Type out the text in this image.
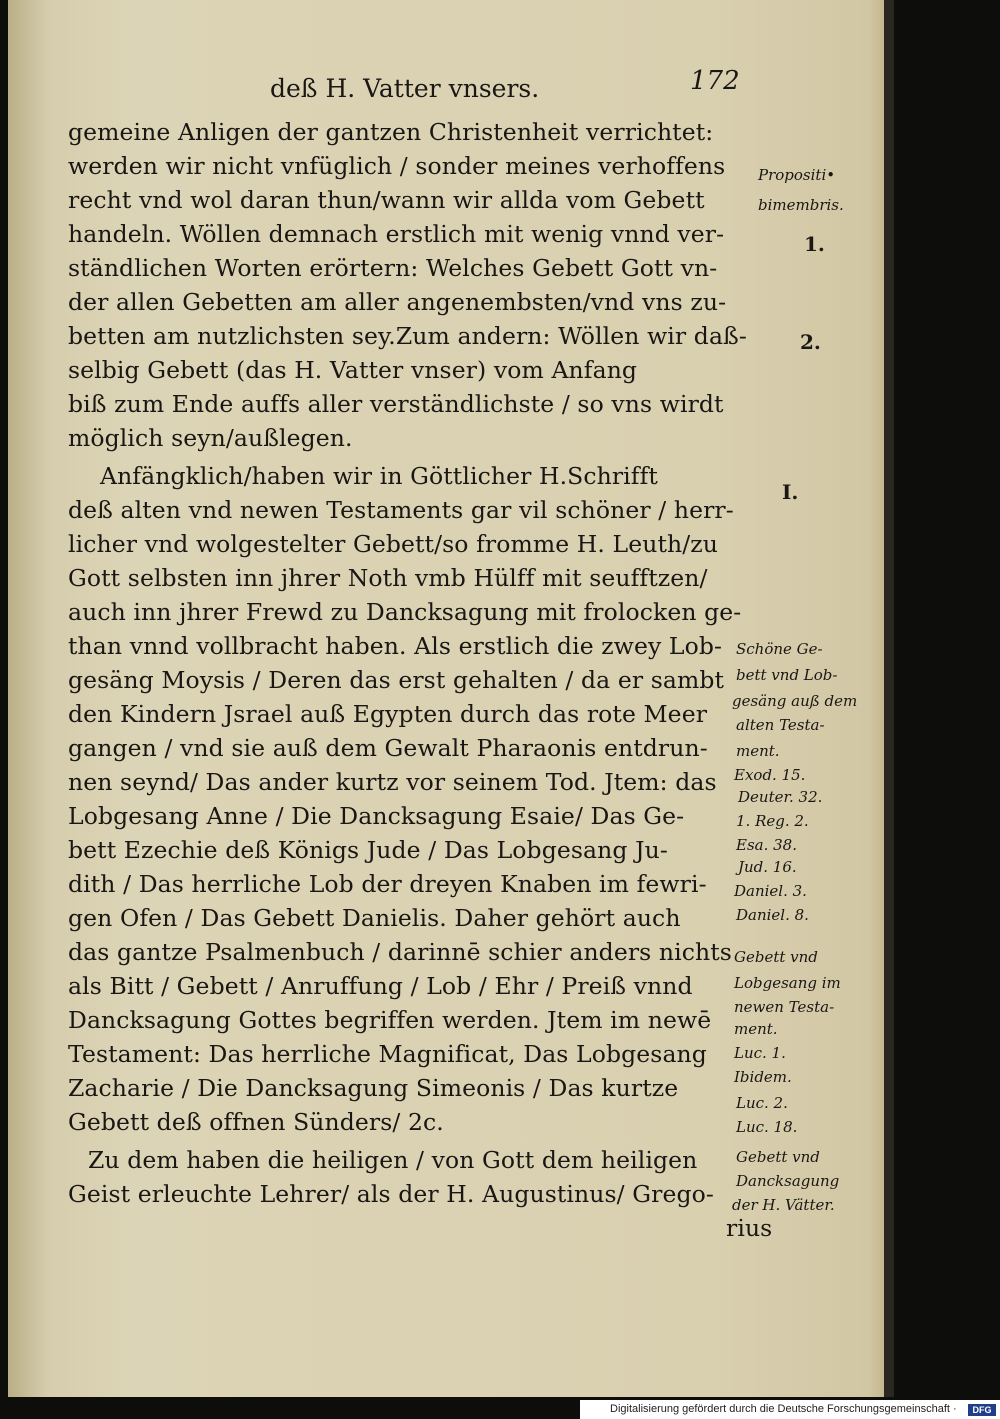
deß H. Vatter vnsers.	172
gemeine Anligen der gantzen Christenheit verrichtet:
werden wir nicht vnfüglich / sonder meines verhoffens
recht vnd wol daran thun/wann wir allda vom Gebett
handeln. Wöllen demnach erstlich mit wenig vnnd ver-
ständlichen Worten erörtern: Welches Gebett Gott vn-
der allen Gebetten am aller angenembsten/vnd vns zu-
betten am nutzlichsten sey.Zum andern: Wöllen wir daß-
selbig Gebett (das H. Vatter vnser) vom Anfang
biß zum Ende auffs aller verständlichste / so vns wirdt
möglich seyn/außlegen.
Anfängklich/haben wir in Göttlicher H.Schrifft
deß alten vnd newen Testaments gar vil schöner / herr-
licher vnd wolgestelter Gebett/so fromme H. Leuth/zu
Gott selbsten inn jhrer Noth vmb Hülff mit seufftzen/
auch inn jhrer Frewd zu Dancksagung mit frolocken ge-
than vnnd vollbracht haben. Als erstlich die zwey Lob-
gesäng Moysis / Deren das erst gehalten / da er sambt
den Kindern Jsrael auß Egypten durch das rote Meer
gangen / vnd sie auß dem Gewalt Pharaonis entdrun-
nen seynd/ Das ander kurtz vor seinem Tod. Jtem: das
Lobgesang Anne / Die Dancksagung Esaie/ Das Ge-
bett Ezechie deß Königs Jude / Das Lobgesang Ju-
dith / Das herrliche Lob der dreyen Knaben im fewri-
gen Ofen / Das Gebett Danielis. Daher gehört auch
das gantze Psalmenbuch / darinnē schier anders nichts
als Bitt / Gebett / Anruffung / Lob / Ehr / Preiß vnnd
Dancksagung Gottes begriffen werden. Jtem im newē
Testament: Das herrliche Magnificat, Das Lobgesang
Zacharie / Die Dancksagung Simeonis / Das kurtze
Gebett deß offnen Sünders/ 2c.
Zu dem haben die heiligen / von Gott dem heiligen
Geist erleuchte Lehrer/ als der H. Augustinus/ Grego-
rius
Propositi•
bimembris.
1.
2.
I.
Schöne Ge-
bett vnd Lob-
gesäng auß dem
alten Testa-
ment.
Exod. 15.
Deuter. 32.
1. Reg. 2.
Esa. 38.
Jud. 16.
Daniel. 3.
Daniel. 8.
Gebett vnd
Lobgesang im
newen Testa-
ment.
Luc. 1.
Ibidem.
Luc. 2.
Luc. 18.
Gebett vnd
Dancksagung
der H. Vätter.
Digitalisierung gefördert durch die Deutsche Forschungsgemeinschaft ·	DFG
